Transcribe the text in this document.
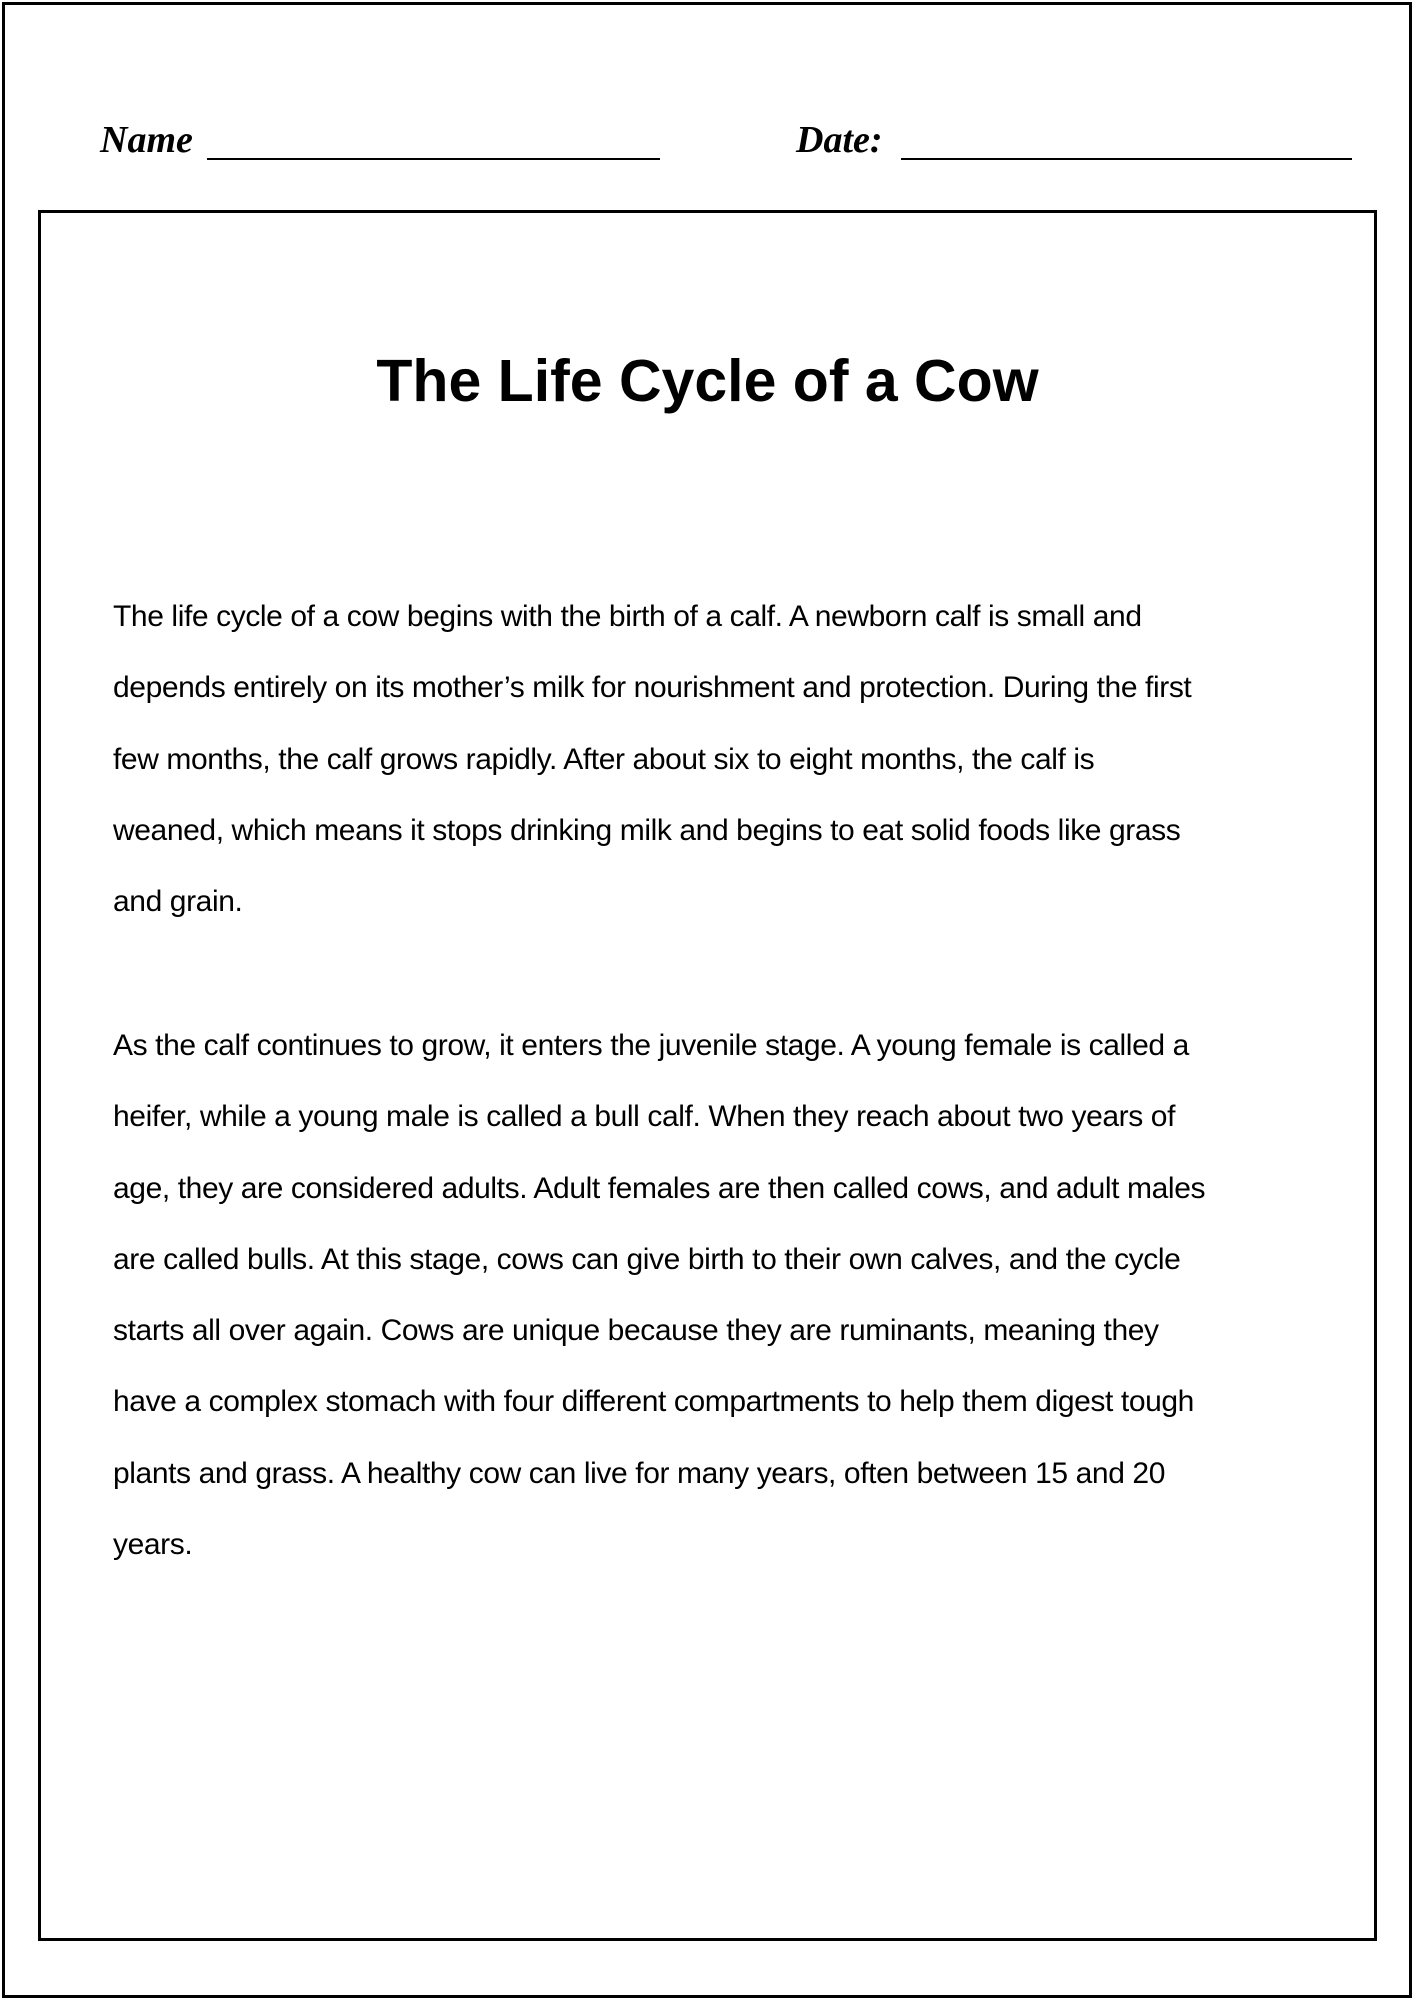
Name	Date:
The Life Cycle of a Cow

The life cycle of a cow begins with the birth of a calf. A newborn calf is small and
depends entirely on its mother’s milk for nourishment and protection. During the first
few months, the calf grows rapidly. After about six to eight months, the calf is
weaned, which means it stops drinking milk and begins to eat solid foods like grass
and grain.

As the calf continues to grow, it enters the juvenile stage. A young female is called a
heifer, while a young male is called a bull calf. When they reach about two years of
age, they are considered adults. Adult females are then called cows, and adult males
are called bulls. At this stage, cows can give birth to their own calves, and the cycle
starts all over again. Cows are unique because they are ruminants, meaning they
have a complex stomach with four different compartments to help them digest tough
plants and grass. A healthy cow can live for many years, often between 15 and 20
years.
